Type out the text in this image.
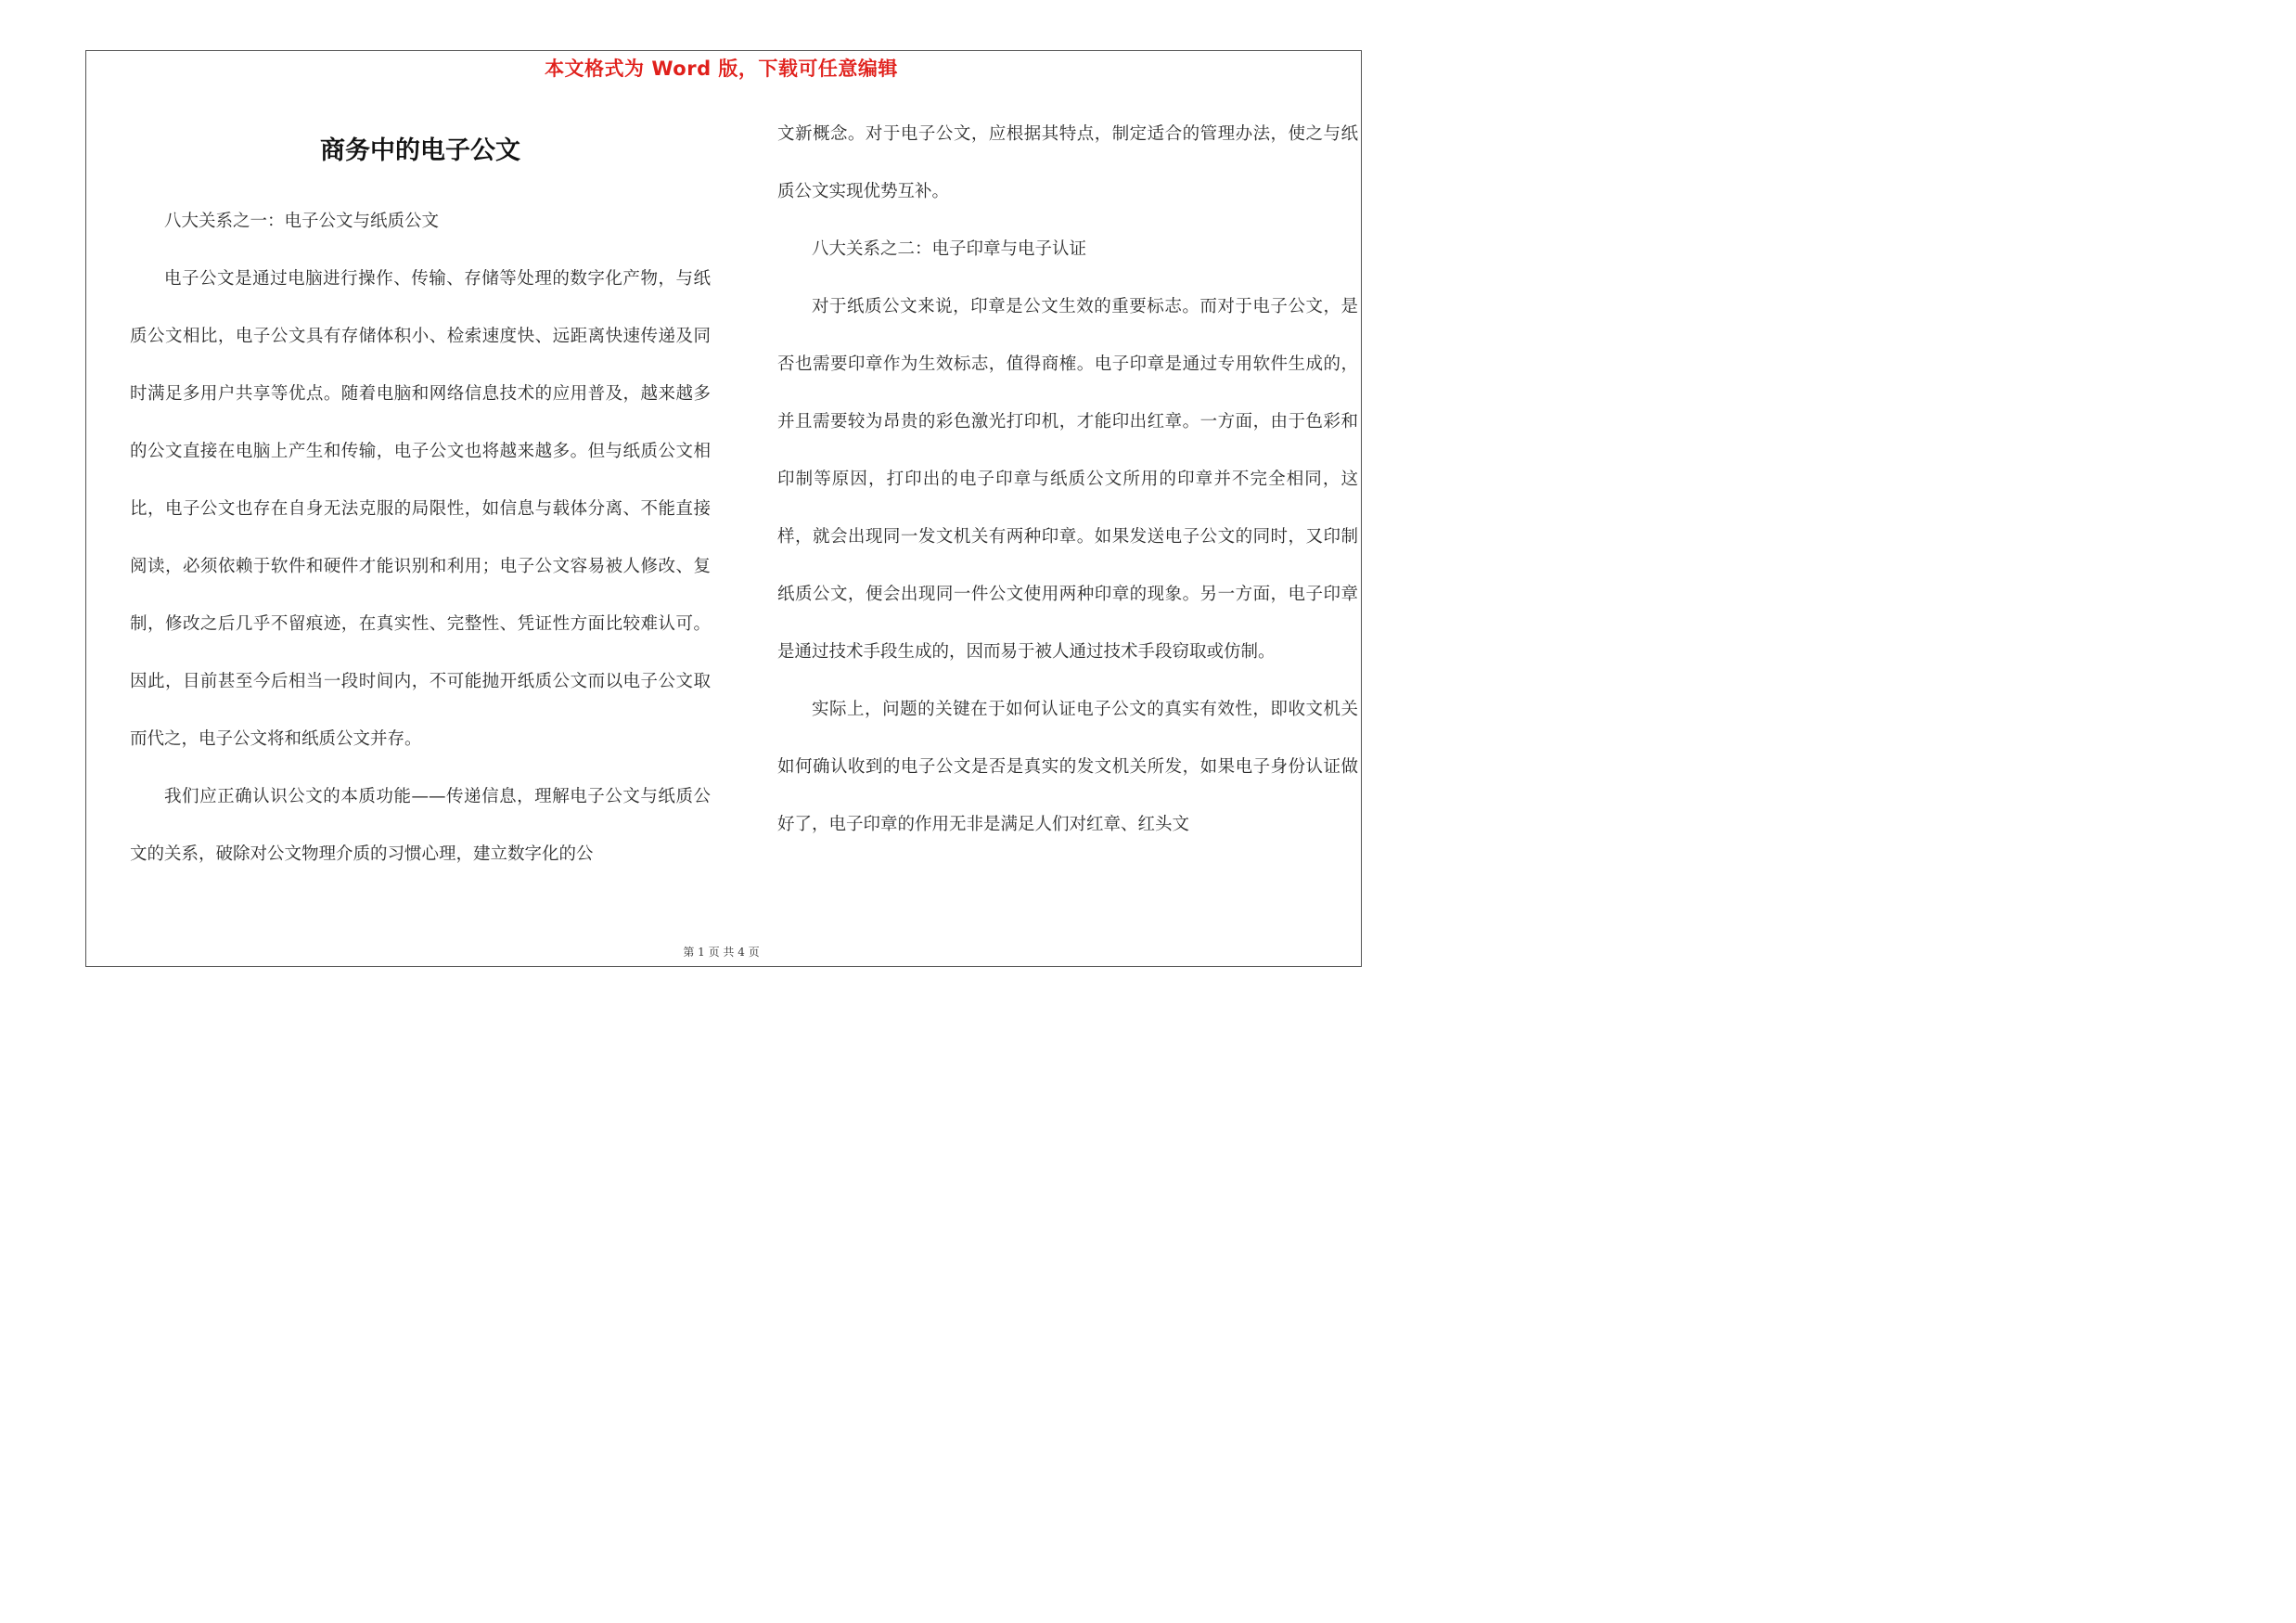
本文格式为 Word 版，下载可任意编辑
商务中的电子公文

八大关系之一：电子公文与纸质公文

电子公文是通过电脑进行操作、传输、存储等处理的数字化产物，与纸质公文相比，电子公文具有存储体积小、检索速度快、远距离快速传递及同时满足多用户共享等优点。随着电脑和网络信息技术的应用普及，越来越多的公文直接在电脑上产生和传输，电子公文也将越来越多。但与纸质公文相比，电子公文也存在自身无法克服的局限性，如信息与载体分离、不能直接阅读，必须依赖于软件和硬件才能识别和利用；电子公文容易被人修改、复制，修改之后几乎不留痕迹，在真实性、完整性、凭证性方面比较难认可。因此，目前甚至今后相当一段时间内，不可能抛开纸质公文而以电子公文取而代之，电子公文将和纸质公文并存。

我们应正确认识公文的本质功能——传递信息，理解电子公文与纸质公文的关系，破除对公文物理介质的习惯心理，建立数字化的公

文新概念。对于电子公文，应根据其特点，制定适合的管理办法，使之与纸质公文实现优势互补。

八大关系之二：电子印章与电子认证

对于纸质公文来说，印章是公文生效的重要标志。而对于电子公文，是否也需要印章作为生效标志，值得商榷。电子印章是通过专用软件生成的，并且需要较为昂贵的彩色激光打印机，才能印出红章。一方面，由于色彩和印制等原因，打印出的电子印章与纸质公文所用的印章并不完全相同，这样，就会出现同一发文机关有两种印章。如果发送电子公文的同时，又印制纸质公文，便会出现同一件公文使用两种印章的现象。另一方面，电子印章是通过技术手段生成的，因而易于被人通过技术手段窃取或仿制。

实际上，问题的关键在于如何认证电子公文的真实有效性，即收文机关如何确认收到的电子公文是否是真实的发文机关所发，如果电子身份认证做好了，电子印章的作用无非是满足人们对红章、红头文

第 1 页 共 4 页
